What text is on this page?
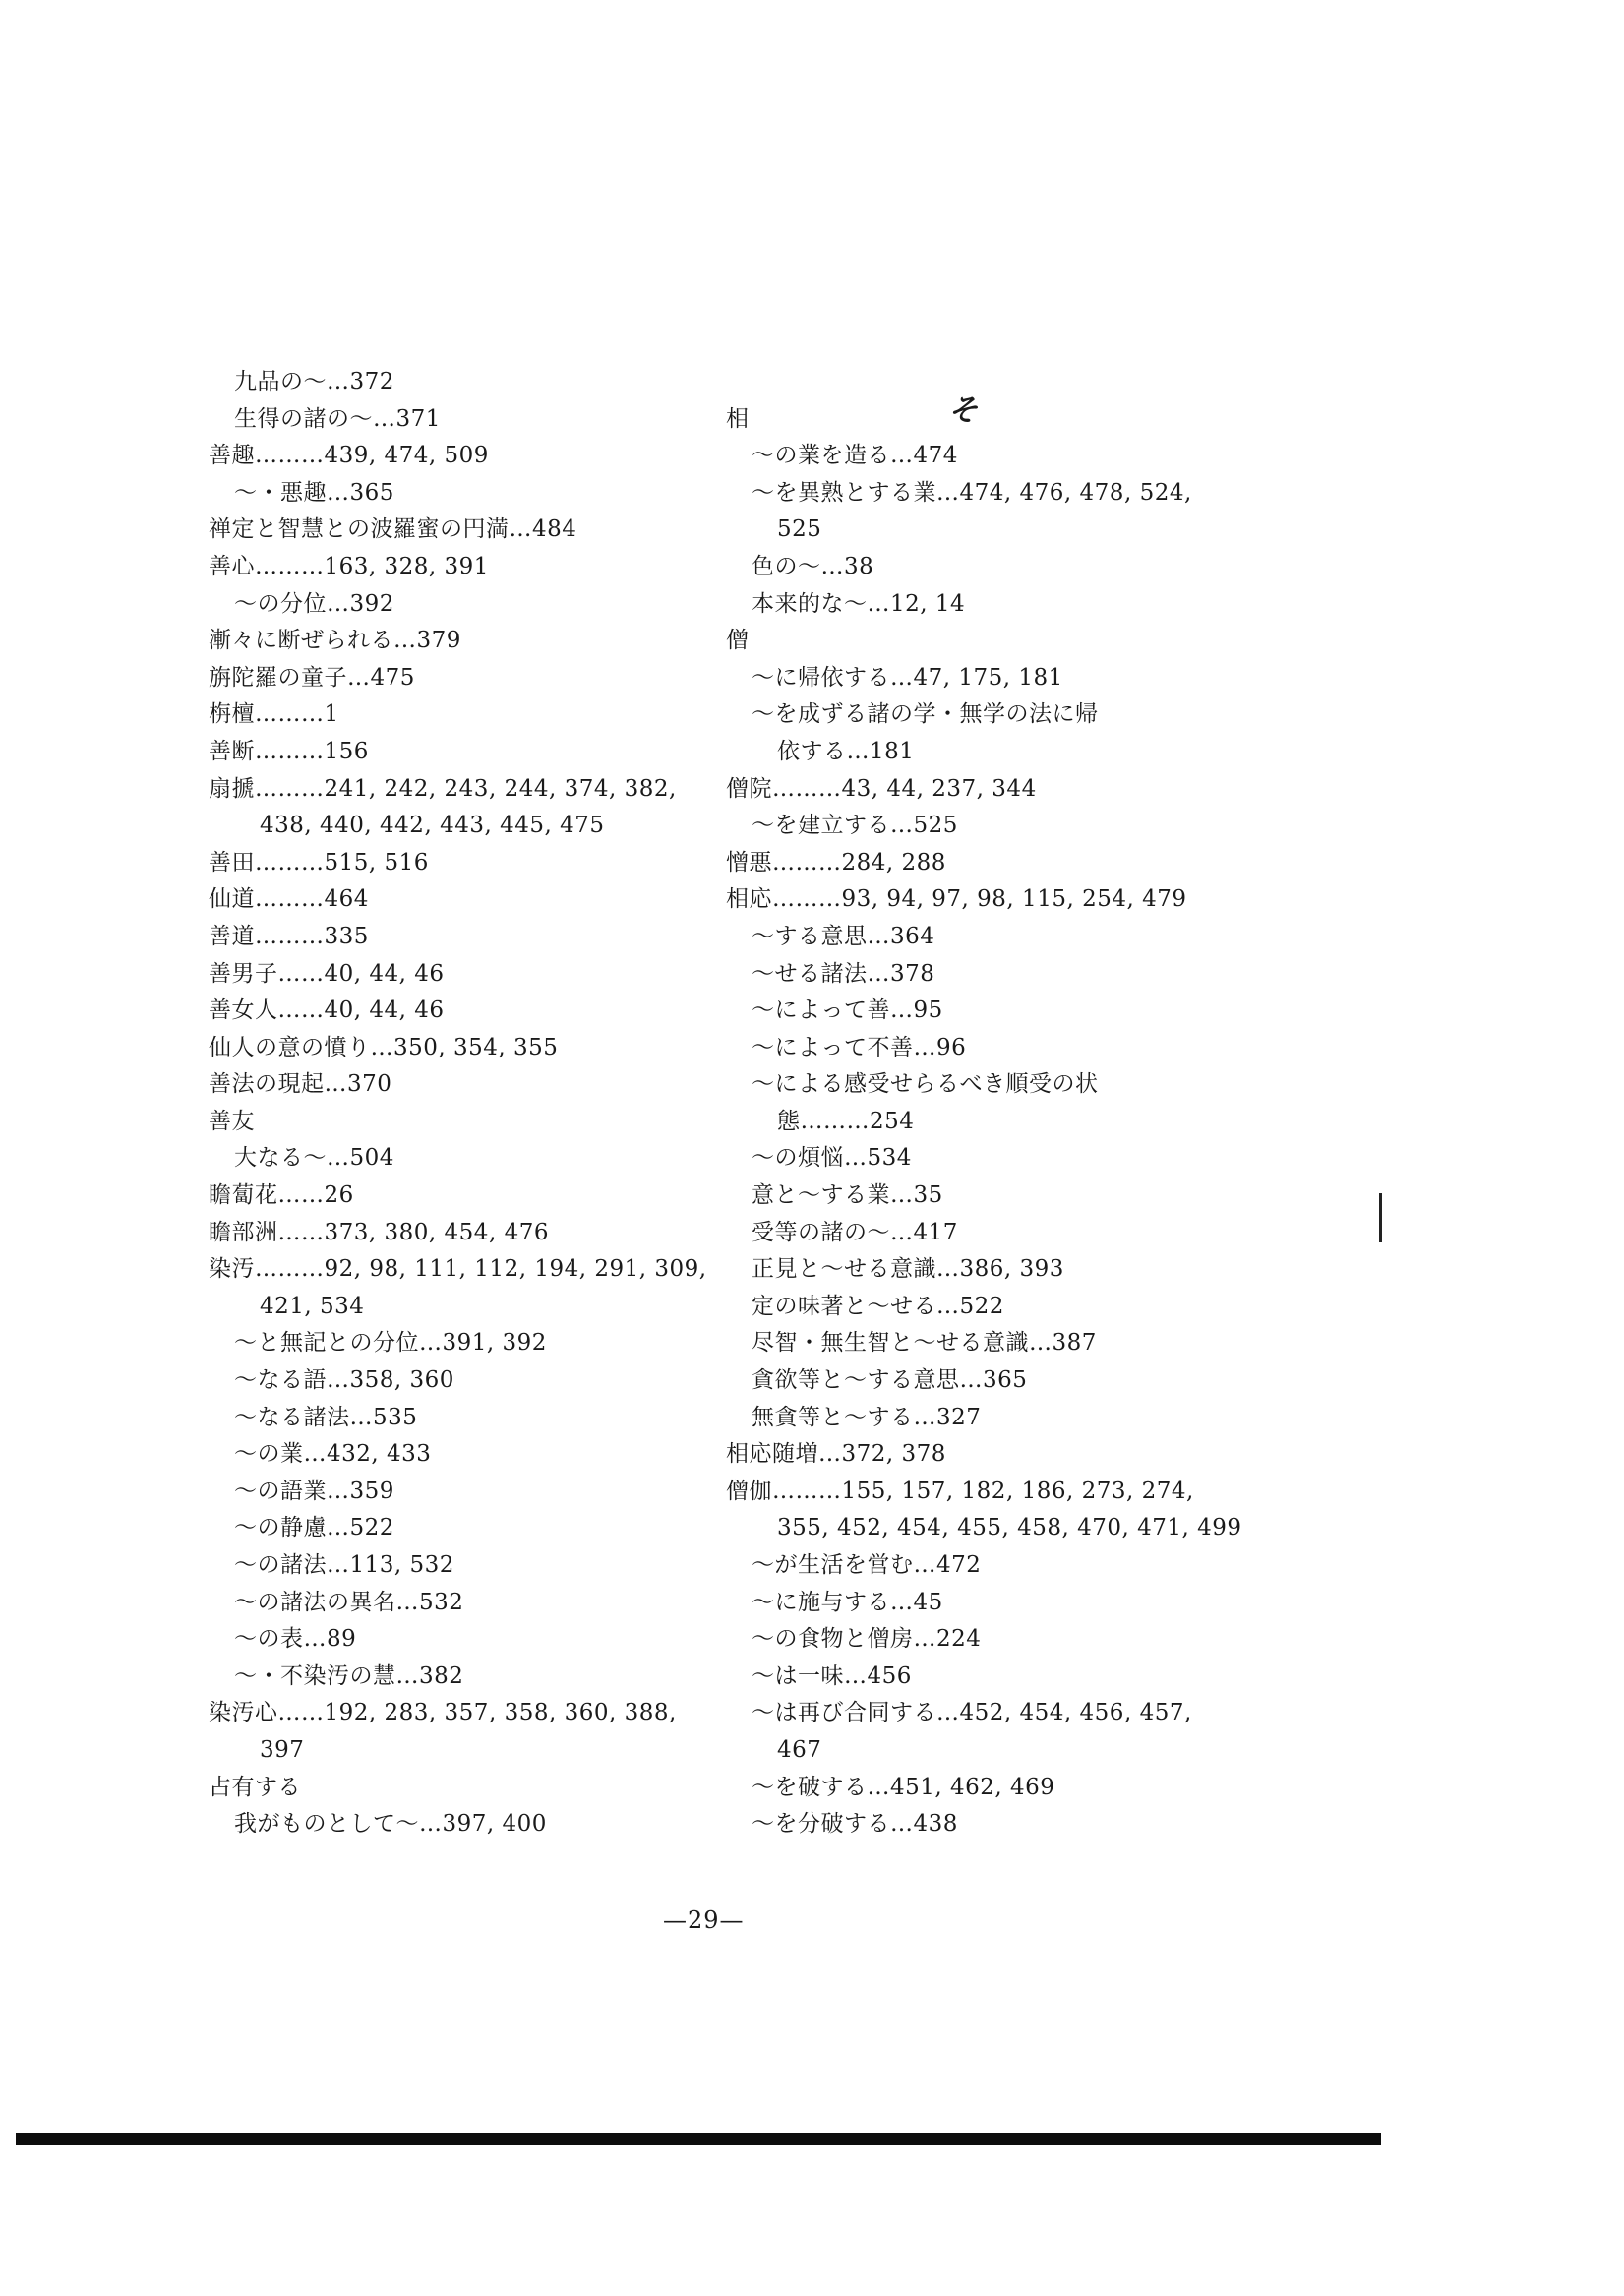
九品の～…372
生得の諸の～…371
善趣………439, 474, 509
～・悪趣…365
禅定と智慧との波羅蜜の円満…484
善心………163, 328, 391
～の分位…392
漸々に断ぜられる…379
旃陀羅の童子…475
栴檀………1
善断………156
扇搋………241, 242, 243, 244, 374, 382,
438, 440, 442, 443, 445, 475
善田………515, 516
仙道………464
善道………335
善男子……40, 44, 46
善女人……40, 44, 46
仙人の意の憤り…350, 354, 355
善法の現起…370
善友
大なる～…504
瞻蔔花……26
瞻部洲……373, 380, 454, 476
染汚………92, 98, 111, 112, 194, 291, 309,
421, 534
～と無記との分位…391, 392
～なる語…358, 360
～なる諸法…535
～の業…432, 433
～の語業…359
～の静慮…522
～の諸法…113, 532
～の諸法の異名…532
～の表…89
～・不染汚の慧…382
染汚心……192, 283, 357, 358, 360, 388,
397
占有する
我がものとして～…397, 400
相
～の業を造る…474
～を異熟とする業…474, 476, 478, 524,
525
色の～…38
本来的な～…12, 14
僧
～に帰依する…47, 175, 181
～を成ずる諸の学・無学の法に帰
依する…181
僧院………43, 44, 237, 344
～を建立する…525
憎悪………284, 288
相応………93, 94, 97, 98, 115, 254, 479
～する意思…364
～せる諸法…378
～によって善…95
～によって不善…96
～による感受せらるべき順受の状
態………254
～の煩悩…534
意と～する業…35
受等の諸の～…417
正見と～せる意識…386, 393
定の味著と～せる…522
尽智・無生智と～せる意識…387
貪欲等と～する意思…365
無貪等と～する…327
相応随増…372, 378
僧伽………155, 157, 182, 186, 273, 274,
355, 452, 454, 455, 458, 470, 471, 499
～が生活を営む…472
～に施与する…45
～の食物と僧房…224
～は一味…456
～は再び合同する…452, 454, 456, 457,
467
～を破する…451, 462, 469
～を分破する…438
そ
—29—
